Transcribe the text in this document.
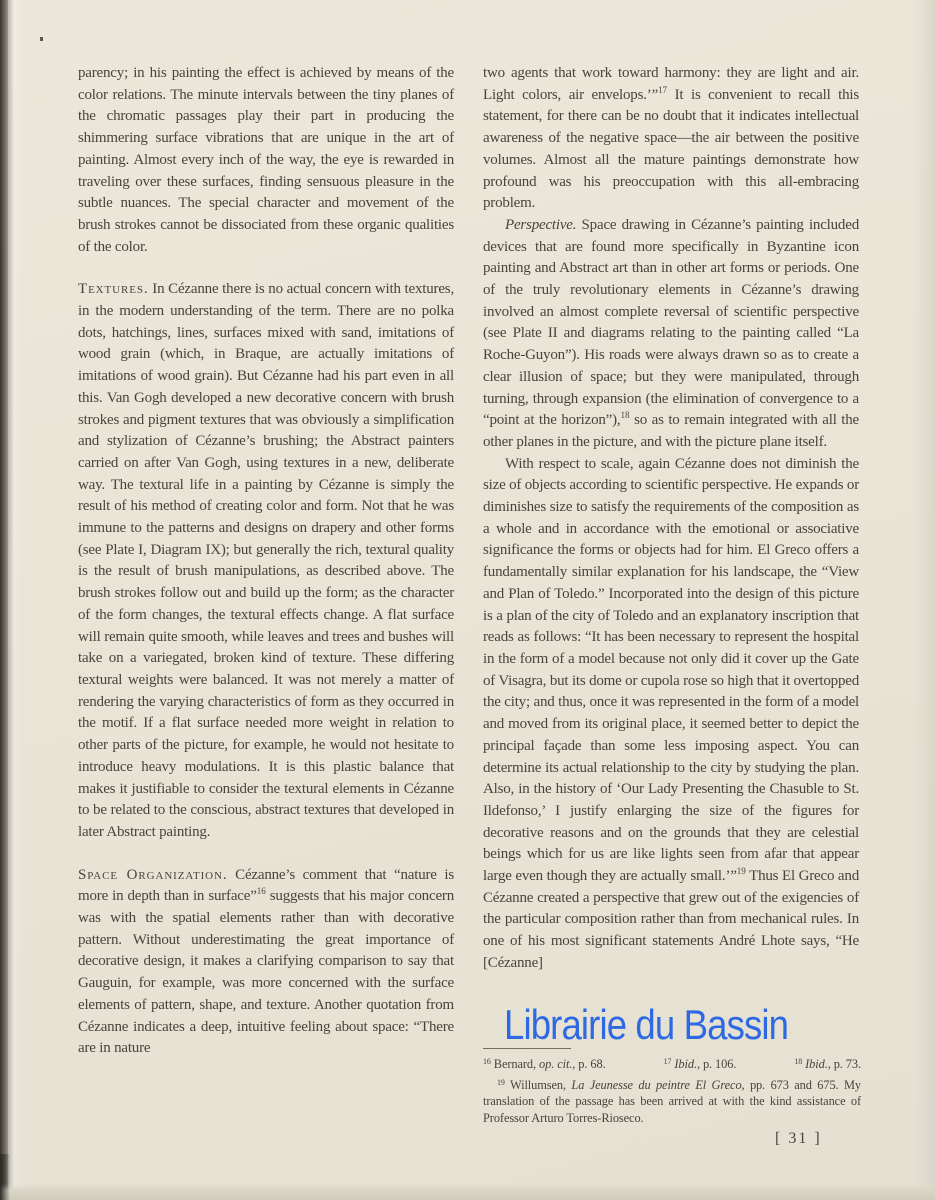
parency; in his painting the effect is achieved by means of the color relations. The minute intervals between the tiny planes of the chromatic passages play their part in producing the shimmering surface vibrations that are unique in the art of painting. Almost every inch of the way, the eye is rewarded in traveling over these surfaces, finding sensuous pleasure in the subtle nuances. The special character and movement of the brush strokes cannot be dissociated from these organic qualities of the color.

Textures. In Cézanne there is no actual concern with textures, in the modern understanding of the term. There are no polka dots, hatchings, lines, surfaces mixed with sand, imitations of wood grain (which, in Braque, are actually imitations of imitations of wood grain). But Cézanne had his part even in all this. Van Gogh developed a new decorative concern with brush strokes and pigment textures that was obviously a simplification and stylization of Cézanne’s brushing; the Abstract painters carried on after Van Gogh, using textures in a new, deliberate way. The textural life in a painting by Cézanne is simply the result of his method of creating color and form. Not that he was immune to the patterns and designs on drapery and other forms (see Plate I, Diagram IX); but generally the rich, textural quality is the result of brush manipulations, as described above. The brush strokes follow out and build up the form; as the character of the form changes, the textural effects change. A flat surface will remain quite smooth, while leaves and trees and bushes will take on a variegated, broken kind of texture. These differing textural weights were balanced. It was not merely a matter of rendering the varying characteristics of form as they occurred in the motif. If a flat surface needed more weight in relation to other parts of the picture, for example, he would not hesitate to introduce heavy modulations. It is this plastic balance that makes it justifiable to consider the textural elements in Cézanne to be related to the conscious, abstract textures that developed in later Abstract painting.

Space Organization. Cézanne’s comment that “nature is more in depth than in surface”$^{16}$ suggests that his major concern was with the spatial elements rather than with decorative pattern. Without underestimating the great importance of decorative design, it makes a clarifying comparison to say that Gauguin, for example, was more concerned with the surface elements of pattern, shape, and texture. Another quotation from Cézanne indicates a deep, intuitive feeling about space: “There are in nature

two agents that work toward harmony: they are light and air. Light colors, air envelops.’”$^{17}$ It is convenient to recall this statement, for there can be no doubt that it indicates intellectual awareness of the negative space—the air between the positive volumes. Almost all the mature paintings demonstrate how profound was his preoccupation with this all-embracing problem.

Perspective. Space drawing in Cézanne’s painting included devices that are found more specifically in Byzantine icon painting and Abstract art than in other art forms or periods. One of the truly revolutionary elements in Cézanne’s drawing involved an almost complete reversal of scientific perspective (see Plate II and diagrams relating to the painting called “La Roche-Guyon”). His roads were always drawn so as to create a clear illusion of space; but they were manipulated, through turning, through expansion (the elimination of convergence to a “point at the horizon”),$^{18}$ so as to remain integrated with all the other planes in the picture, and with the picture plane itself.

With respect to scale, again Cézanne does not diminish the size of objects according to scientific perspective. He expands or diminishes size to satisfy the requirements of the composition as a whole and in accordance with the emotional or associative significance the forms or objects had for him. El Greco offers a fundamentally similar explanation for his landscape, the “View and Plan of Toledo.” Incorporated into the design of this picture is a plan of the city of Toledo and an explanatory inscription that reads as follows: “It has been necessary to represent the hospital in the form of a model because not only did it cover up the Gate of Visagra, but its dome or cupola rose so high that it overtopped the city; and thus, once it was represented in the form of a model and moved from its original place, it seemed better to depict the principal façade than some less imposing aspect. You can determine its actual relationship to the city by studying the plan. Also, in the history of ‘Our Lady Presenting the Chasuble to St. Ildefonso,’ I justify enlarging the size of the figures for decorative reasons and on the grounds that they are celestial beings which for us are like lights seen from afar that appear large even though they are actually small.’”$^{19}$ Thus El Greco and Cézanne created a perspective that grew out of the exigencies of the particular composition rather than from mechanical rules. In one of his most significant statements André Lhote says, “He [Cézanne]

$^{16}$ Bernard, op. cit., p. 68.	$^{17}$ Ibid., p. 106.	$^{18}$ Ibid., p. 73.

$^{19}$ Willumsen, La Jeunesse du peintre El Greco, pp. 673 and 675. My translation of the passage has been arrived at with the kind assistance of Professor Arturo Torres-Rioseco.

[ 31 ]
Librairie du Bassin
